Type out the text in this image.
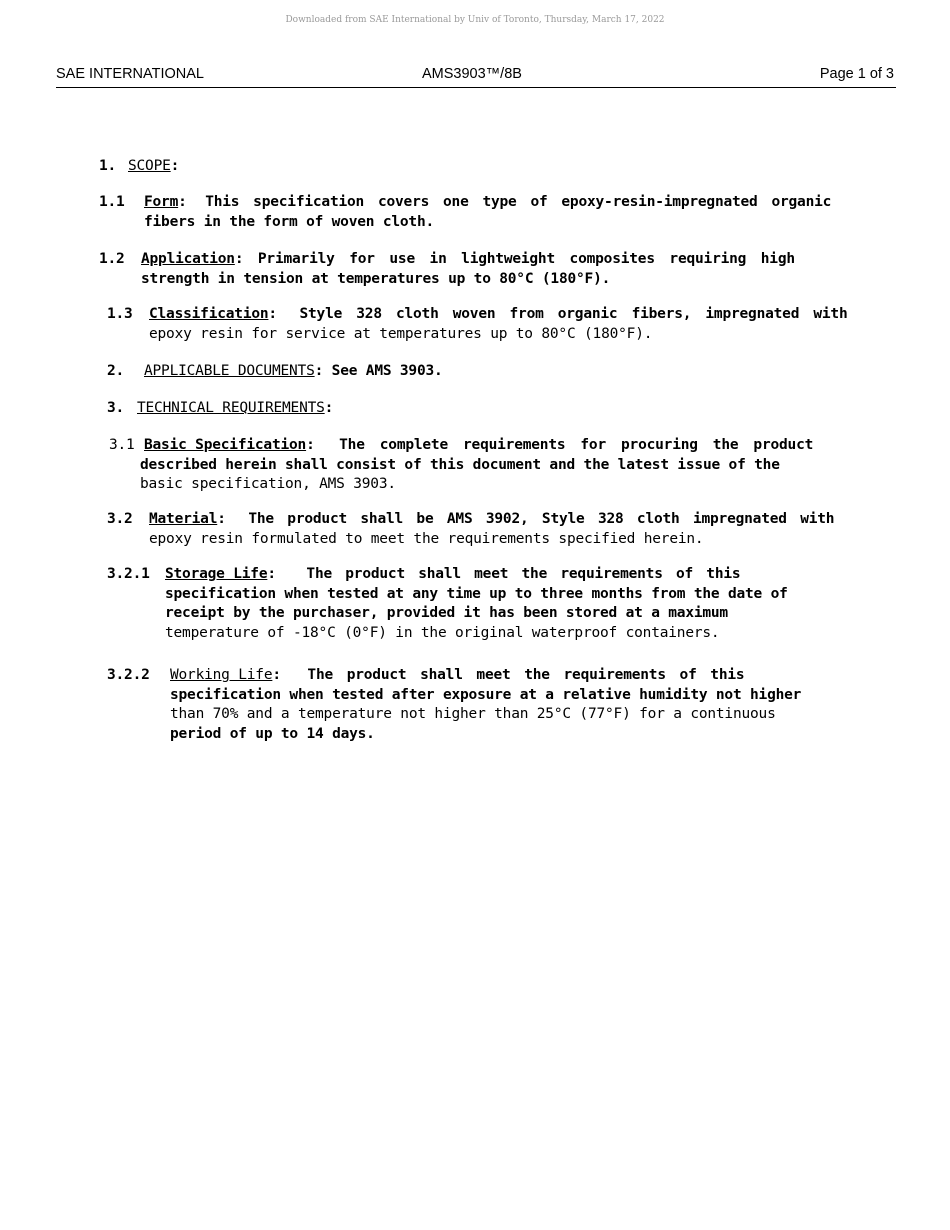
Downloaded from SAE International by Univ of Toronto, Thursday, March 17, 2022
SAE INTERNATIONAL	AMS3903™/8B	Page 1 of 3
1. SCOPE:
1.1 Form: This specification covers one type of epoxy-resin-impregnated organic
fibers in the form of woven cloth.
1.2 Application: Primarily for use in lightweight composites requiring high
strength in tension at temperatures up to 80°C (180°F).
1.3 Classification: Style 328 cloth woven from organic fibers, impregnated with
epoxy resin for service at temperatures up to 80°C (180°F).
2. APPLICABLE DOCUMENTS: See AMS 3903.
3. TECHNICAL REQUIREMENTS:
3.1 Basic Specification: The complete requirements for procuring the product
described herein shall consist of this document and the latest issue of the
basic specification, AMS 3903.
3.2 Material: The product shall be AMS 3902, Style 328 cloth impregnated with
epoxy resin formulated to meet the requirements specified herein.
3.2.1 Storage Life: The product shall meet the requirements of this
specification when tested at any time up to three months from the date of
receipt by the purchaser, provided it has been stored at a maximum
temperature of -18°C (0°F) in the original waterproof containers.
3.2.2 Working Life: The product shall meet the requirements of this
specification when tested after exposure at a relative humidity not higher
than 70% and a temperature not higher than 25°C (77°F) for a continuous
period of up to 14 days.
